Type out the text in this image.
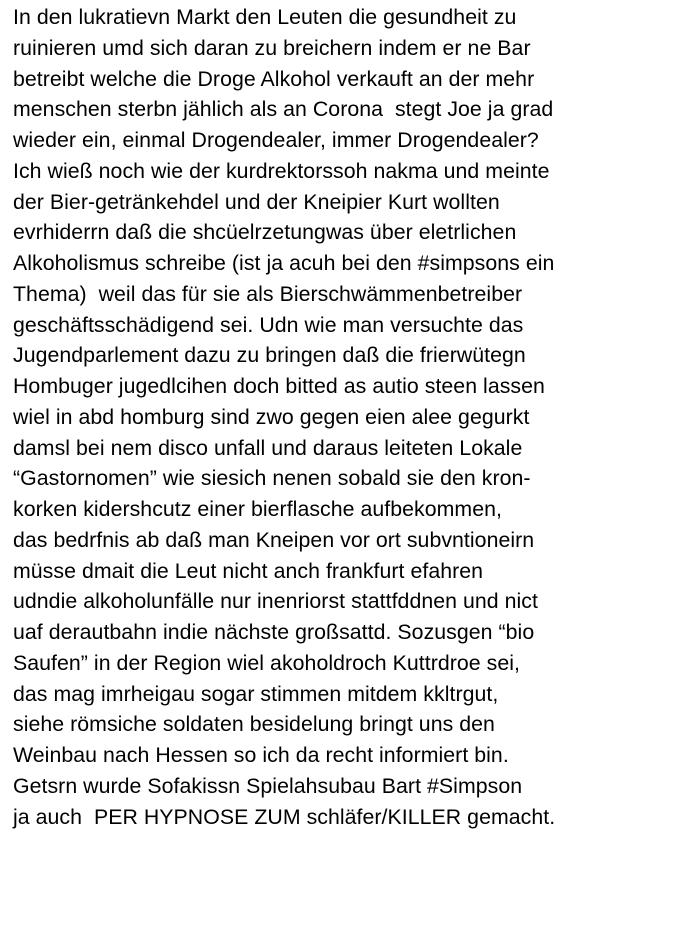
In den lukratievn Markt den Leuten die gesundheit zu
ruinieren umd sich daran zu breichern indem er ne Bar
betreibt welche die Droge Alkohol verkauft an der mehr
menschen sterbn jählich als an Corona  stegt Joe ja grad
wieder ein, einmal Drogendealer, immer Drogendealer?
Ich wieß noch wie der kurdrektorssoh nakma und meinte
der Bier-getränkehdel und der Kneipier Kurt wollten
evrhiderrn daß die shcüelrzetungwas über eletrlichen
Alkoholismus schreibe (ist ja acuh bei den #simpsons ein
Thema)  weil das für sie als Bierschwämmenbetreiber
geschäftsschädigend sei. Udn wie man versuchte das
Jugendparlement dazu zu bringen daß die frierwütegn
Hombuger jugedlcihen doch bitted as autio steen lassen
wiel in abd homburg sind zwo gegen eien alee gegurkt
damsl bei nem disco unfall und daraus leiteten Lokale
“Gastornomen” wie siesich nenen sobald sie den kron-
korken kidershcutz einer bierflasche aufbekommen,
das bedrfnis ab daß man Kneipen vor ort subvntioneirn
müsse dmait die Leut nicht anch frankfurt efahren
udndie alkoholunfälle nur inenriorst stattfddnen und nict
uaf derautbahn indie nächste großsattd. Sozusgen “bio
Saufen” in der Region wiel akoholdroch Kuttrdroe sei,
das mag imrheigau sogar stimmen mitdem kkltrgut,
siehe römsiche soldaten besidelung bringt uns den
Weinbau nach Hessen so ich da recht informiert bin.
Getsrn wurde Sofakissn Spielahsubau Bart #Simpson
ja auch  PER HYPNOSE ZUM schläfer/KILLER gemacht.
